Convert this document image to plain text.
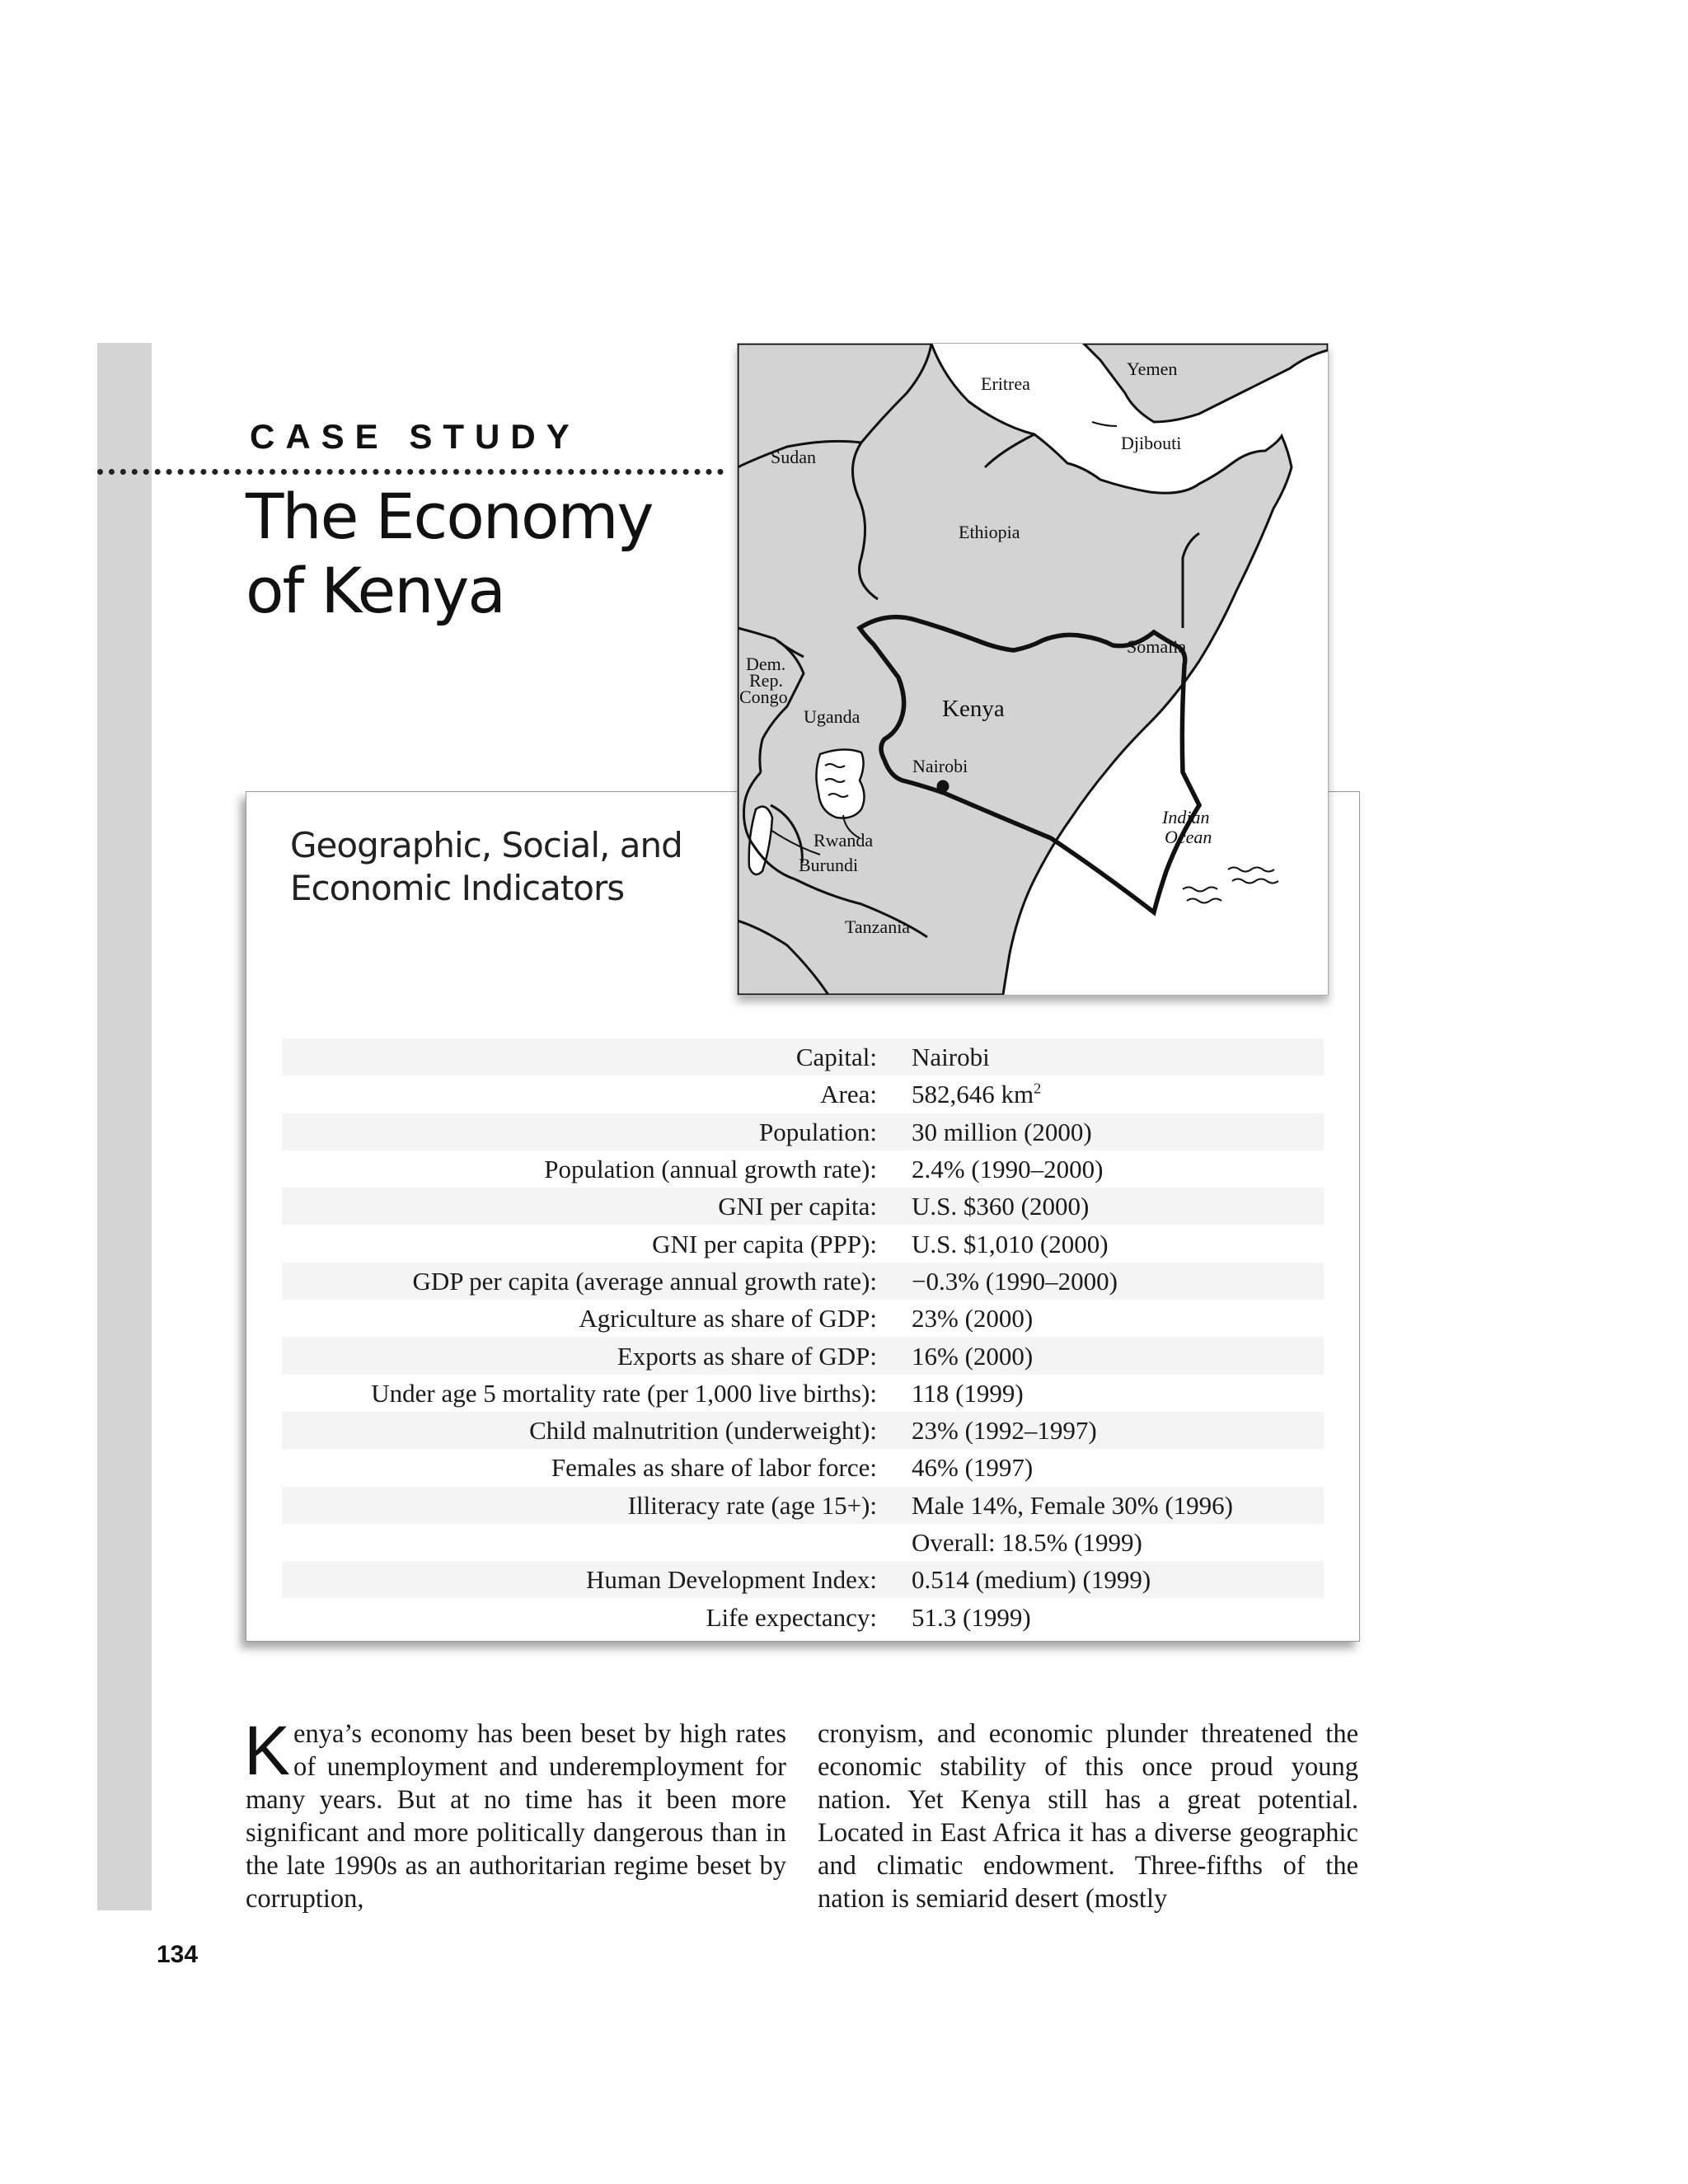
CASE STUDY
The Economy of Kenya
Geographic, Social, and Economic Indicators
Eritrea
Yemen
Djibouti
Sudan
Ethiopia
Somalia
Dem.
Rep.
Congo
Uganda	Kenya
Nairobi
Rwanda
Burundi
Tanzania
Indian
Ocean
Capital:	Nairobi
Area:	582,646 $km^2$
Population:	30 million (2000)
Population (annual growth rate):	2.4% (1990–2000)
GNI per capita:	U.S. $360 (2000)
GNI per capita (PPP):	U.S. $1,010 (2000)
GDP per capita (average annual growth rate):	−0.3% (1990–2000)
Agriculture as share of GDP:	23% (2000)
Exports as share of GDP:	16% (2000)
Under age 5 mortality rate (per 1,000 live births):	118 (1999)
Child malnutrition (underweight):	23% (1992–1997)
Females as share of labor force:	46% (1997)
Illiteracy rate (age 15+):	Male 14%, Female 30% (1996)
	Overall: 18.5% (1999)
Human Development Index:	0.514 (medium) (1999)
Life expectancy:	51.3 (1999)
Kenya’s economy has been beset by high rates of unemployment and underemployment for many years. But at no time has it been more significant and more politically dangerous than in the late 1990s as an authoritarian regime beset by corruption,
cronyism, and economic plunder threatened the economic stability of this once proud young nation. Yet Kenya still has a great potential. Located in East Africa it has a diverse geographic and climatic endowment. Three-fifths of the nation is semiarid desert (mostly
134
